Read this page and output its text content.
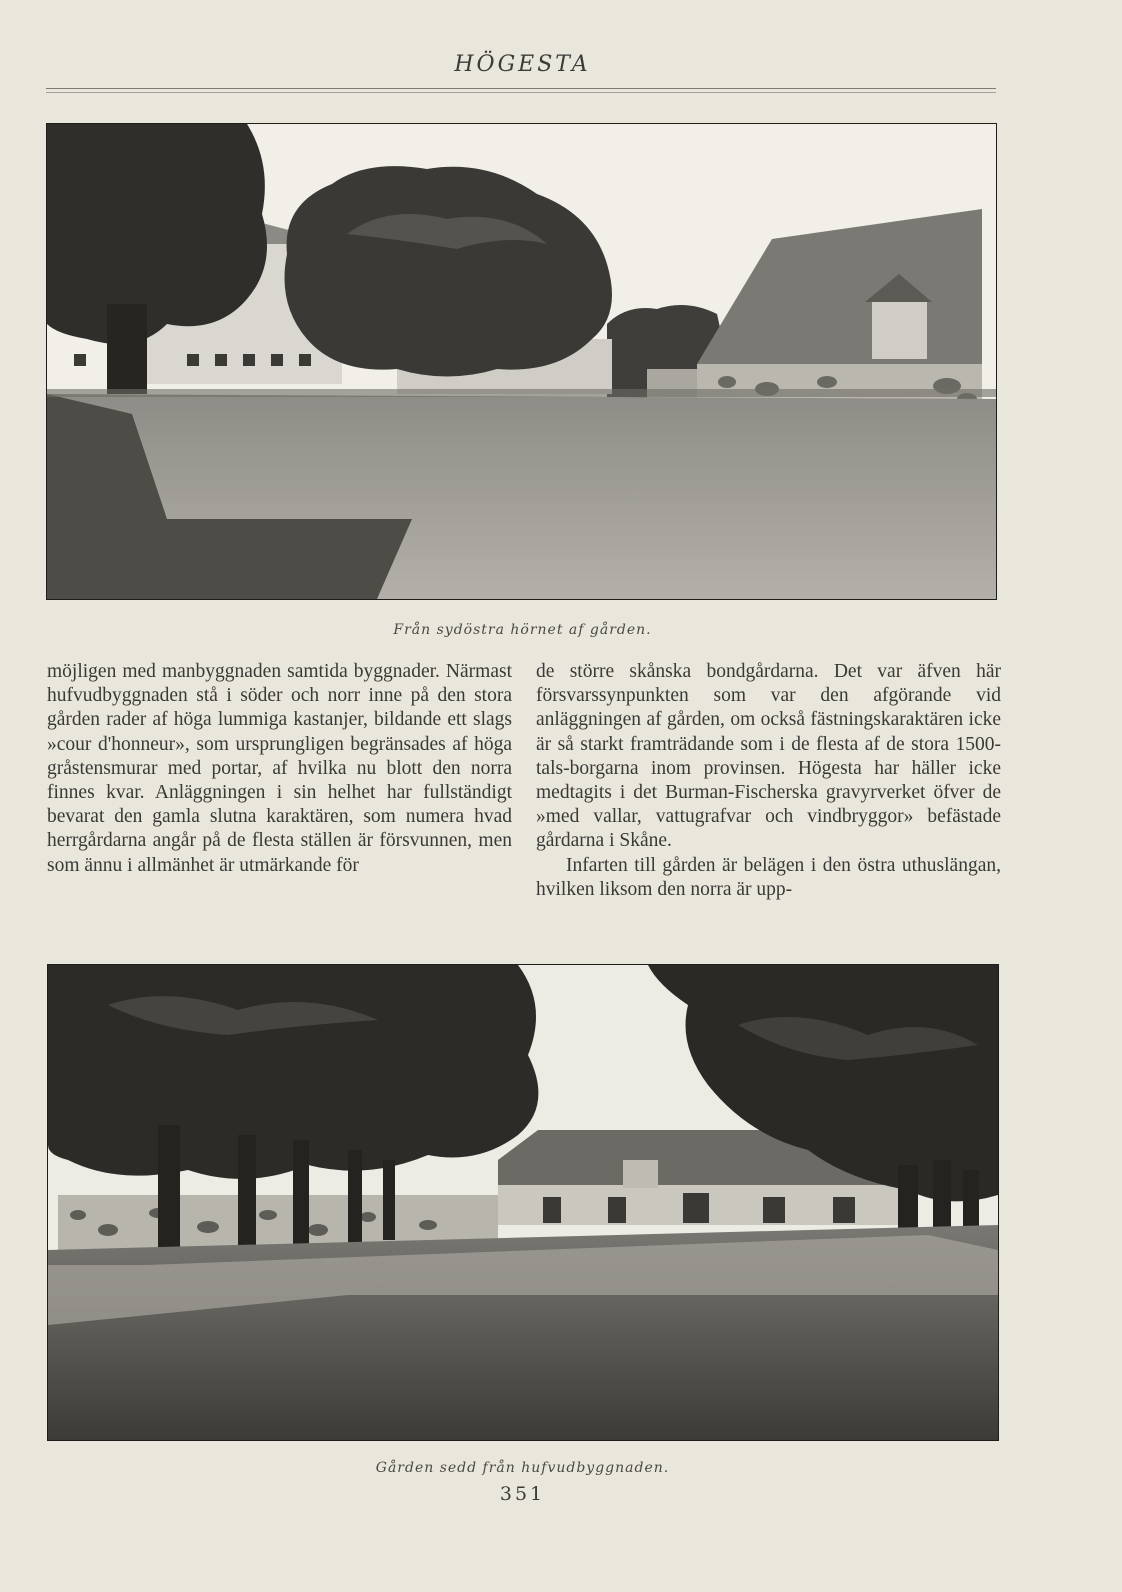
HÖGESTA
Från sydöstra hörnet af gården.

möjligen med manbyggnaden samtida byggnader. Närmast hufvudbyggnaden stå i söder och norr inne på den stora gården rader af höga lummiga kastanjer, bildande ett slags »cour d'honneur», som ursprungligen begränsades af höga gråstensmurar med portar, af hvilka nu blott den norra finnes kvar. Anläggningen i sin helhet har fullständigt bevarat den gamla slutna karaktären, som numera hvad herrgårdarna angår på de flesta ställen är försvunnen, men som ännu i allmänhet är utmärkande för

de större skånska bondgårdarna. Det var äfven här försvarssynpunkten som var den afgörande vid anläggningen af gården, om också fästningskaraktären icke är så starkt framträdande som i de flesta af de stora 1500-tals-borgarna inom provinsen. Högesta har häller icke medtagits i det Burman-Fischerska gravyrverket öfver de »med vallar, vattugrafvar och vindbryggor» befästade gårdarna i Skåne.

Infarten till gården är belägen i den östra uthuslängan, hvilken liksom den norra är upp-

Gården sedd från hufvudbyggnaden.
351
